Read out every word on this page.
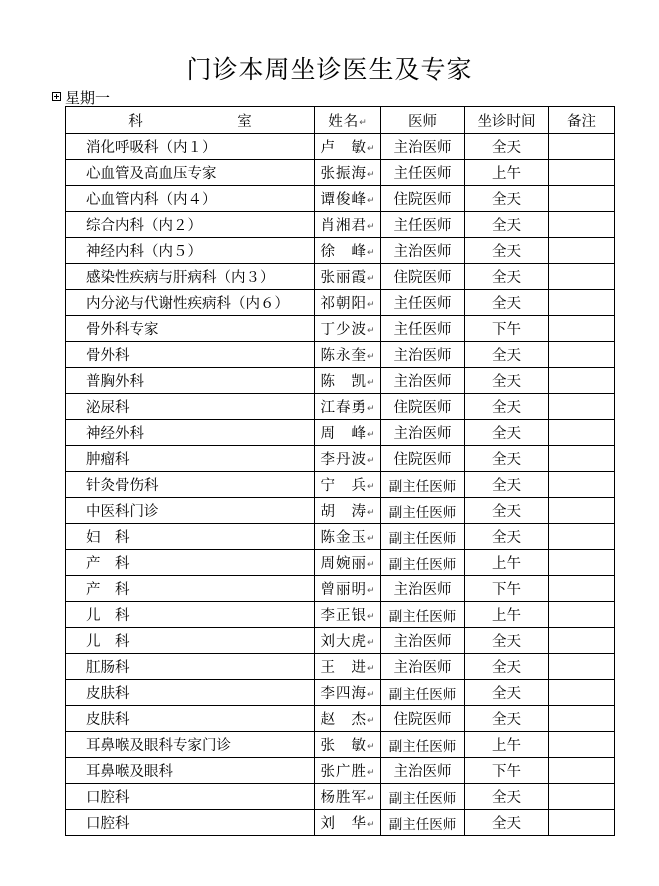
门诊本周坐诊医生及专家
星期一
科　室	姓名↵	医师	坐诊时间	备注
消化呼吸科（内１）	卢　敏↵	主治医师	全天	
心血管及高血压专家	张振海↵	主任医师	上午	
心血管内科（内４）	谭俊峰↵	住院医师	全天	
综合内科（内２）	肖湘君↵	主任医师	全天	
神经内科（内５）	徐　峰↵	主治医师	全天	
感染性疾病与肝病科（内３）	张丽霞↵	住院医师	全天	
内分泌与代谢性疾病科（内６）	祁朝阳↵	主任医师	全天	
骨外科专家	丁少波↵	主任医师	下午	
骨外科	陈永奎↵	主治医师	全天	
普胸外科	陈　凯↵	主治医师	全天	
泌尿科	江春勇↵	住院医师	全天	
神经外科	周　峰↵	主治医师	全天	
肿瘤科	李丹波↵	住院医师	全天	
针灸骨伤科	宁　兵↵	副主任医师	全天	
中医科门诊	胡　涛↵	副主任医师	全天	
妇　科	陈金玉↵	副主任医师	全天	
产　科	周婉丽↵	副主任医师	上午	
产　科	曾丽明↵	主治医师	下午	
儿　科	李正银↵	副主任医师	上午	
儿　科	刘大虎↵	主治医师	全天	
肛肠科	王　进↵	主治医师	全天	
皮肤科	李四海↵	副主任医师	全天	
皮肤科	赵　杰↵	住院医师	全天	
耳鼻喉及眼科专家门诊	张　敏↵	副主任医师	上午	
耳鼻喉及眼科	张广胜↵	主治医师	下午	
口腔科	杨胜军↵	副主任医师	全天	
口腔科	刘　华↵	副主任医师	全天	
